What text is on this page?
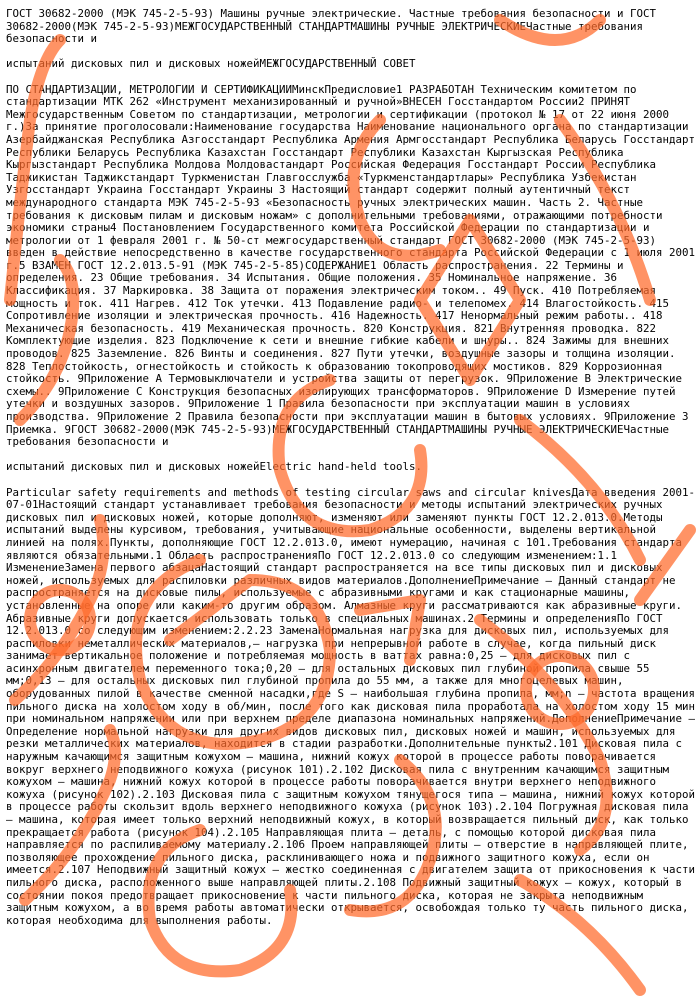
ГОСТ 30682-2000 (МЭК 745-2-5-93) Машины ручные электрические. Частные требования безопасности и ГОСТ 30682-2000(МЭК 745-2-5-93)МЕЖГОСУДАРСТВЕННЫЙ СТАНДАРТМАШИНЫ РУЧНЫЕ ЭЛЕКТРИЧЕСКИЕЧастные требования безопасности и

испытаний дисковых пил и дисковых ножейМЕЖГОСУДАРСТВЕННЫЙ СОВЕТ

ПО СТАНДАРТИЗАЦИИ, МЕТРОЛОГИИ И СЕРТИФИКАЦИИМинскПредисловие1 РАЗРАБОТАН Техническим комитетом по стандартизации МТК 262 «Инструмент механизированный и ручной»ВНЕСЕН Госстандартом России2 ПРИНЯТ Межгосударственным Советом по стандартизации, метрологии и сертификации (протокол № 17 от 22 июня 2000 г.)За принятие проголосовали:Наименование государства Наименование национального органа по стандартизации Азербайджанская Республика Азгосстандарт Республика Армения Армгосстандарт Республика Беларусь Госстандарт Республики Беларусь Республика Казахстан Госстандарт Республики Казахстан Кыргызская Республика Кыргызстандарт Республика Молдова Молдовастандарт Российская Федерация Госстандарт России Республика Таджикистан Таджикстандарт Туркменистан Главгосслужба «Туркменстандартлары» Республика Узбекистан Узгосстандарт Украина Госстандарт Украины 3 Настоящий стандарт содержит полный аутентичный текст международного стандарта МЭК 745-2-5-93 «Безопасность ручных электрических машин. Часть 2. Частные требования к дисковым пилам и дисковым ножам» с дополнительными требованиями, отражающими потребности экономики страны4 Постановлением Государственного комитета Российской Федерации по стандартизации и метрологии от 1 февраля 2001 г. № 50-ст межгосударственный стандарт ГОСТ 30682-2000 (МЭК 745-2-5-93) введен в действие непосредственно в качестве государственного стандарта Российской Федерации с 1 июля 2001 г.5 ВЗАМЕН ГОСТ 12.2.013.5-91 (МЭК 745-2-5-85)СОДЕРЖАНИЕ1 Область распространения. 22 Термины и определения. 23 Общие требования. 34 Испытания. Общие положения. 35 Номинальное напряжение. 36 Классификация. 37 Маркировка. 38 Защита от поражения электрическим током.. 49 Пуск. 410 Потребляемая мощность и ток. 411 Нагрев. 412 Ток утечки. 413 Подавление радио- и телепомех. 414 Влагостойкость. 415 Сопротивление изоляции и электрическая прочность. 416 Надежность. 417 Ненормальный режим работы.. 418 Механическая безопасность. 419 Механическая прочность. 820 Конструкция. 821 Внутренняя проводка. 822 Комплектующие изделия. 823 Подключение к сети и внешние гибкие кабели и шнуры.. 824 Зажимы для внешних проводов. 825 Заземление. 826 Винты и соединения. 827 Пути утечки, воздушные зазоры и толщина изоляции. 828 Теплостойкость, огнестойкость и стойкость к образованию токопроводящих мостиков. 829 Коррозионная стойкость. 9Приложение А Термовыключатели и устройства защиты от перегрузок. 9Приложение В Электрические схемы.. 9Приложение С Конструкция безопасных изолирующих трансформаторов. 9Приложение D Измерение путей утечки и воздушных зазоров. 9Приложение 1 Правила безопасности при эксплуатации машин в условиях производства. 9Приложение 2 Правила безопасности при эксплуатации машин в бытовых условиях. 9Приложение 3 Приемка. 9ГОСТ 30682-2000(МЭК 745-2-5-93)МЕЖГОСУДАРСТВЕННЫЙ СТАНДАРТМАШИНЫ РУЧНЫЕ ЭЛЕКТРИЧЕСКИЕЧастные требования безопасности и

испытаний дисковых пил и дисковых ножейElectric hand-held tools.

Particular safety requirements and methods of testing circular saws and circular knivesДата введения 2001-07-01Настоящий стандарт устанавливает требования безопасности и методы испытаний электрических ручных дисковых пил и дисковых ножей, которые дополняют, изменяют или заменяют пункты ГОСТ 12.2.013.0.Методы испытаний выделены курсивом, требования, учитывающие национальные особенности, выделены вертикальной линией на полях.Пункты, дополняющие ГОСТ 12.2.013.0, имеют нумерацию, начиная с 101.Требования стандарта являются обязательными.1 Область распространенияПо ГОСТ 12.2.013.0 со следующим изменением:1.1 ИзменениеЗамена первого абзацаНастоящий стандарт распространяется на все типы дисковых пил и дисковых ножей, используемых для распиловки различных видов материалов.ДополнениеПримечание — Данный стандарт не распространяется на дисковые пилы, используемые с абразивными кругами и как стационарные машины, установленные на опоре или каким-то другим образом. Алмазные круги рассматриваются как абразивные круги. Абразивные круги допускается использовать только в специальных машинах.2 Термины и определенияПо ГОСТ 12.2.013.0 со следующим изменением:2.2.23 ЗаменаНормальная нагрузка для дисковых пил, используемых для распиловки неметаллических материалов,— нагрузка при непрерывной работе в случае, когда пильный диск занимает вертикальное положение и потребляемая мощность в ваттах равна:0,25 — для дисковых пил с асинхронным двигателем переменного тока;0,20 — для остальных дисковых пил глубиной пропила свыше 55 мм;0,13 — для остальных дисковых пил глубиной пропила до 55 мм, а также для многоцелевых машин, оборудованных пилой в качестве сменной насадки,где S — наибольшая глубина пропила, мм;n — частота вращения пильного диска на холостом ходу в об/мин, после того как дисковая пила проработала на холостом ходу 15 мин при номинальном напряжении или при верхнем пределе диапазона номинальных напряжений.ДополнениеПримечание — Определение нормальной нагрузки для других видов дисковых пил, дисковых ножей и машин, используемых для резки металлических материалов, находится в стадии разработки.Дополнительные пункты2.101 Дисковая пила с наружным качающимся защитным кожухом — машина, нижний кожух которой в процессе работы поворачивается вокруг верхнего неподвижного кожуха (рисунок 101).2.102 Дисковая пила с внутренним качающимся защитным кожухом — машина, нижний кожух которой в процессе работы поворачивается внутри верхнего неподвижного кожуха (рисунок 102).2.103 Дисковая пила с защитным кожухом тянущегося типа — машина, нижний кожух которой в процессе работы скользит вдоль верхнего неподвижного кожуха (рисунок 103).2.104 Погружная дисковая пила — машина, которая имеет только верхний неподвижный кожух, в который возвращается пильный диск, как только прекращается работа (рисунок 104).2.105 Направляющая плита — деталь, с помощью которой дисковая пила направляется по распиливаемому материалу.2.106 Проем направляющей плиты — отверстие в направляющей плите, позволяющее прохождение пильного диска, расклинивающего ножа и подвижного защитного кожуха, если он имеется.2.107 Неподвижный защитный кожух — жестко соединенная с двигателем защита от прикосновения к части пильного диска, расположенного выше направляющей плиты.2.108 Подвижный защитный кожух — кожух, который в состоянии покоя предотвращает прикосновение к части пильного диска, которая не закрыта неподвижным защитным кожухом, а во время работы автоматически открывается, освобождая только ту часть пильного диска, которая необходима для выполнения работы.
